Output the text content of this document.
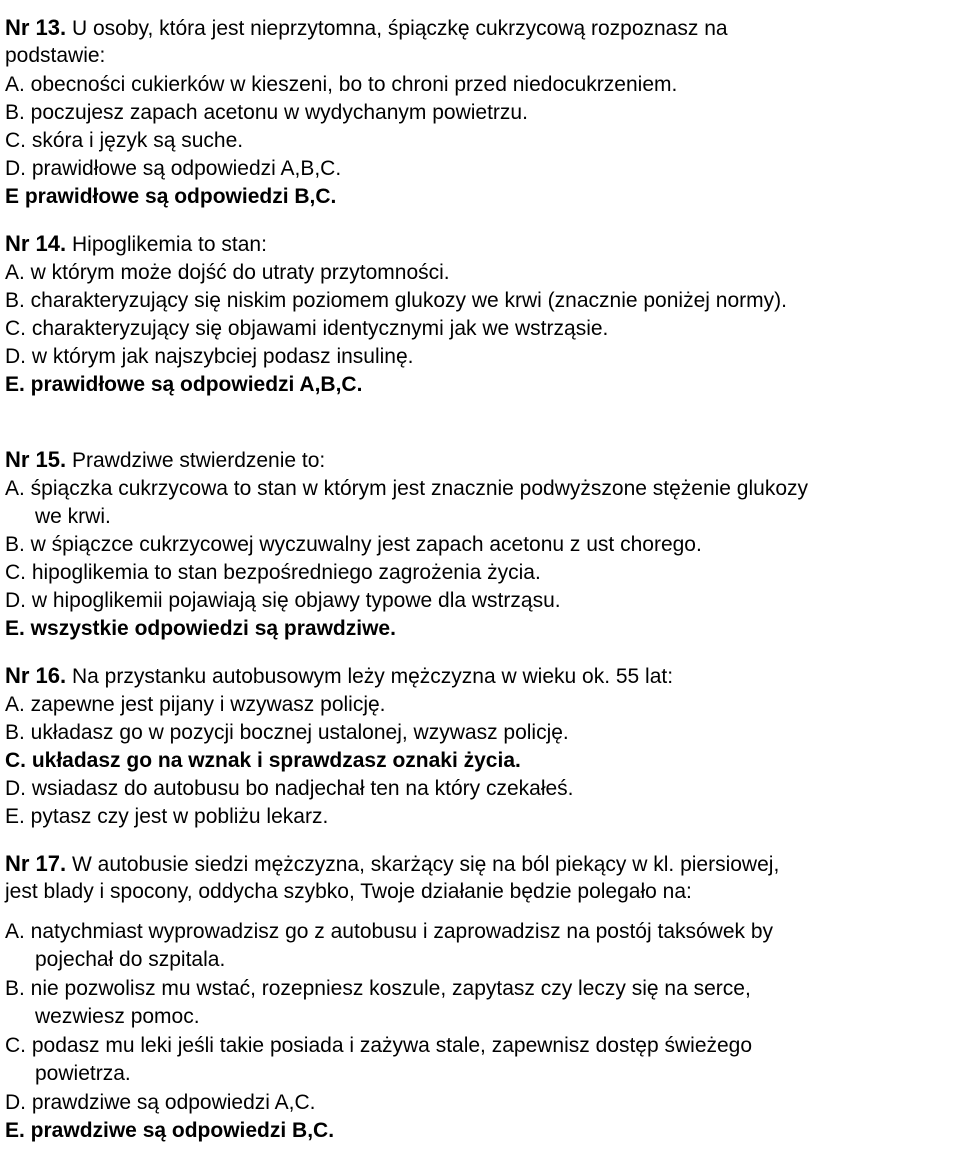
Nr 13. U osoby, która jest nieprzytomna, śpiączkę cukrzycową rozpoznasz na
podstawie:
A. obecności cukierków w kieszeni, bo to chroni przed niedocukrzeniem.
B. poczujesz zapach acetonu w wydychanym powietrzu.
C. skóra i język są suche.
D. prawidłowe są odpowiedzi A,B,C.
E prawidłowe są odpowiedzi B,C.
Nr 14. Hipoglikemia to stan:
A. w którym może dojść do utraty przytomności.
B. charakteryzujący się niskim poziomem glukozy we krwi (znacznie poniżej normy).
C. charakteryzujący się objawami identycznymi jak we wstrząsie.
D. w którym jak najszybciej podasz insulinę.
E. prawidłowe są odpowiedzi A,B,C.
Nr 15. Prawdziwe stwierdzenie to:
A. śpiączka cukrzycowa to stan w którym jest znacznie podwyższone stężenie glukozy
we krwi.
B. w śpiączce cukrzycowej wyczuwalny jest zapach acetonu z ust chorego.
C. hipoglikemia to stan bezpośredniego zagrożenia życia.
D. w hipoglikemii pojawiają się objawy typowe dla wstrząsu.
E. wszystkie odpowiedzi są prawdziwe.
Nr 16. Na przystanku autobusowym leży mężczyzna w wieku ok. 55 lat:
A. zapewne jest pijany i wzywasz policję.
B. układasz go w pozycji bocznej ustalonej, wzywasz policję.
C. układasz go na wznak i sprawdzasz oznaki życia.
D. wsiadasz do autobusu bo nadjechał ten na który czekałeś.
E. pytasz czy jest w pobliżu lekarz.
Nr 17. W autobusie siedzi mężczyzna, skarżący się na ból piekący w kl. piersiowej,
jest blady i spocony, oddycha szybko, Twoje działanie będzie polegało na:
A. natychmiast wyprowadzisz go z autobusu i zaprowadzisz na postój taksówek by
pojechał do szpitala.
B. nie pozwolisz mu wstać, rozepniesz koszule, zapytasz czy leczy się na serce,
wezwiesz pomoc.
C. podasz mu leki jeśli takie posiada i zażywa stale, zapewnisz dostęp świeżego
powietrza.
D. prawdziwe są odpowiedzi A,C.
E. prawdziwe są odpowiedzi B,C.
